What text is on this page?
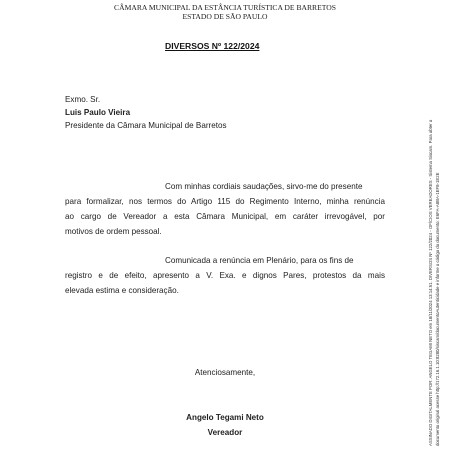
CÂMARA MUNICIPAL DA ESTÂNCIA TURÍSTICA DE BARRETOS
ESTADO DE SÃO PAULO
DIVERSOS Nº 122/2024
Exmo. Sr.
Luis Paulo Vieira
Presidente da Câmara Municipal de Barretos
Com minhas cordiais saudações, sirvo-me do presente
para formalizar, nos termos do Artigo 115 do Regimento Interno, minha renúncia
ao cargo de Vereador a esta Câmara Municipal, em caráter irrevogável, por
motivos de ordem pessoal.
Comunicada a renúncia em Plenário, para os fins de
registro e de efeito, apresento a V. Exa. e dignos Pares, protestos da mais
elevada estima e consideração.
Atenciosamente,
Angelo Tegami Neto
Vereador	ASSINADO DIGITALMENTE POR: ANGELO TEGAMI NETO em 18/11/2024 13:14:51. DIVERSOS Nº 122/2024 - OFÍCIOS VEREADORES - Sistema Siscam. Para obter o documento original acesse http://172.16.1.10:8280/siscam/documentoAutenticidade e informe o código do documento: E6FA-A8BA-1EF8-1E2E
